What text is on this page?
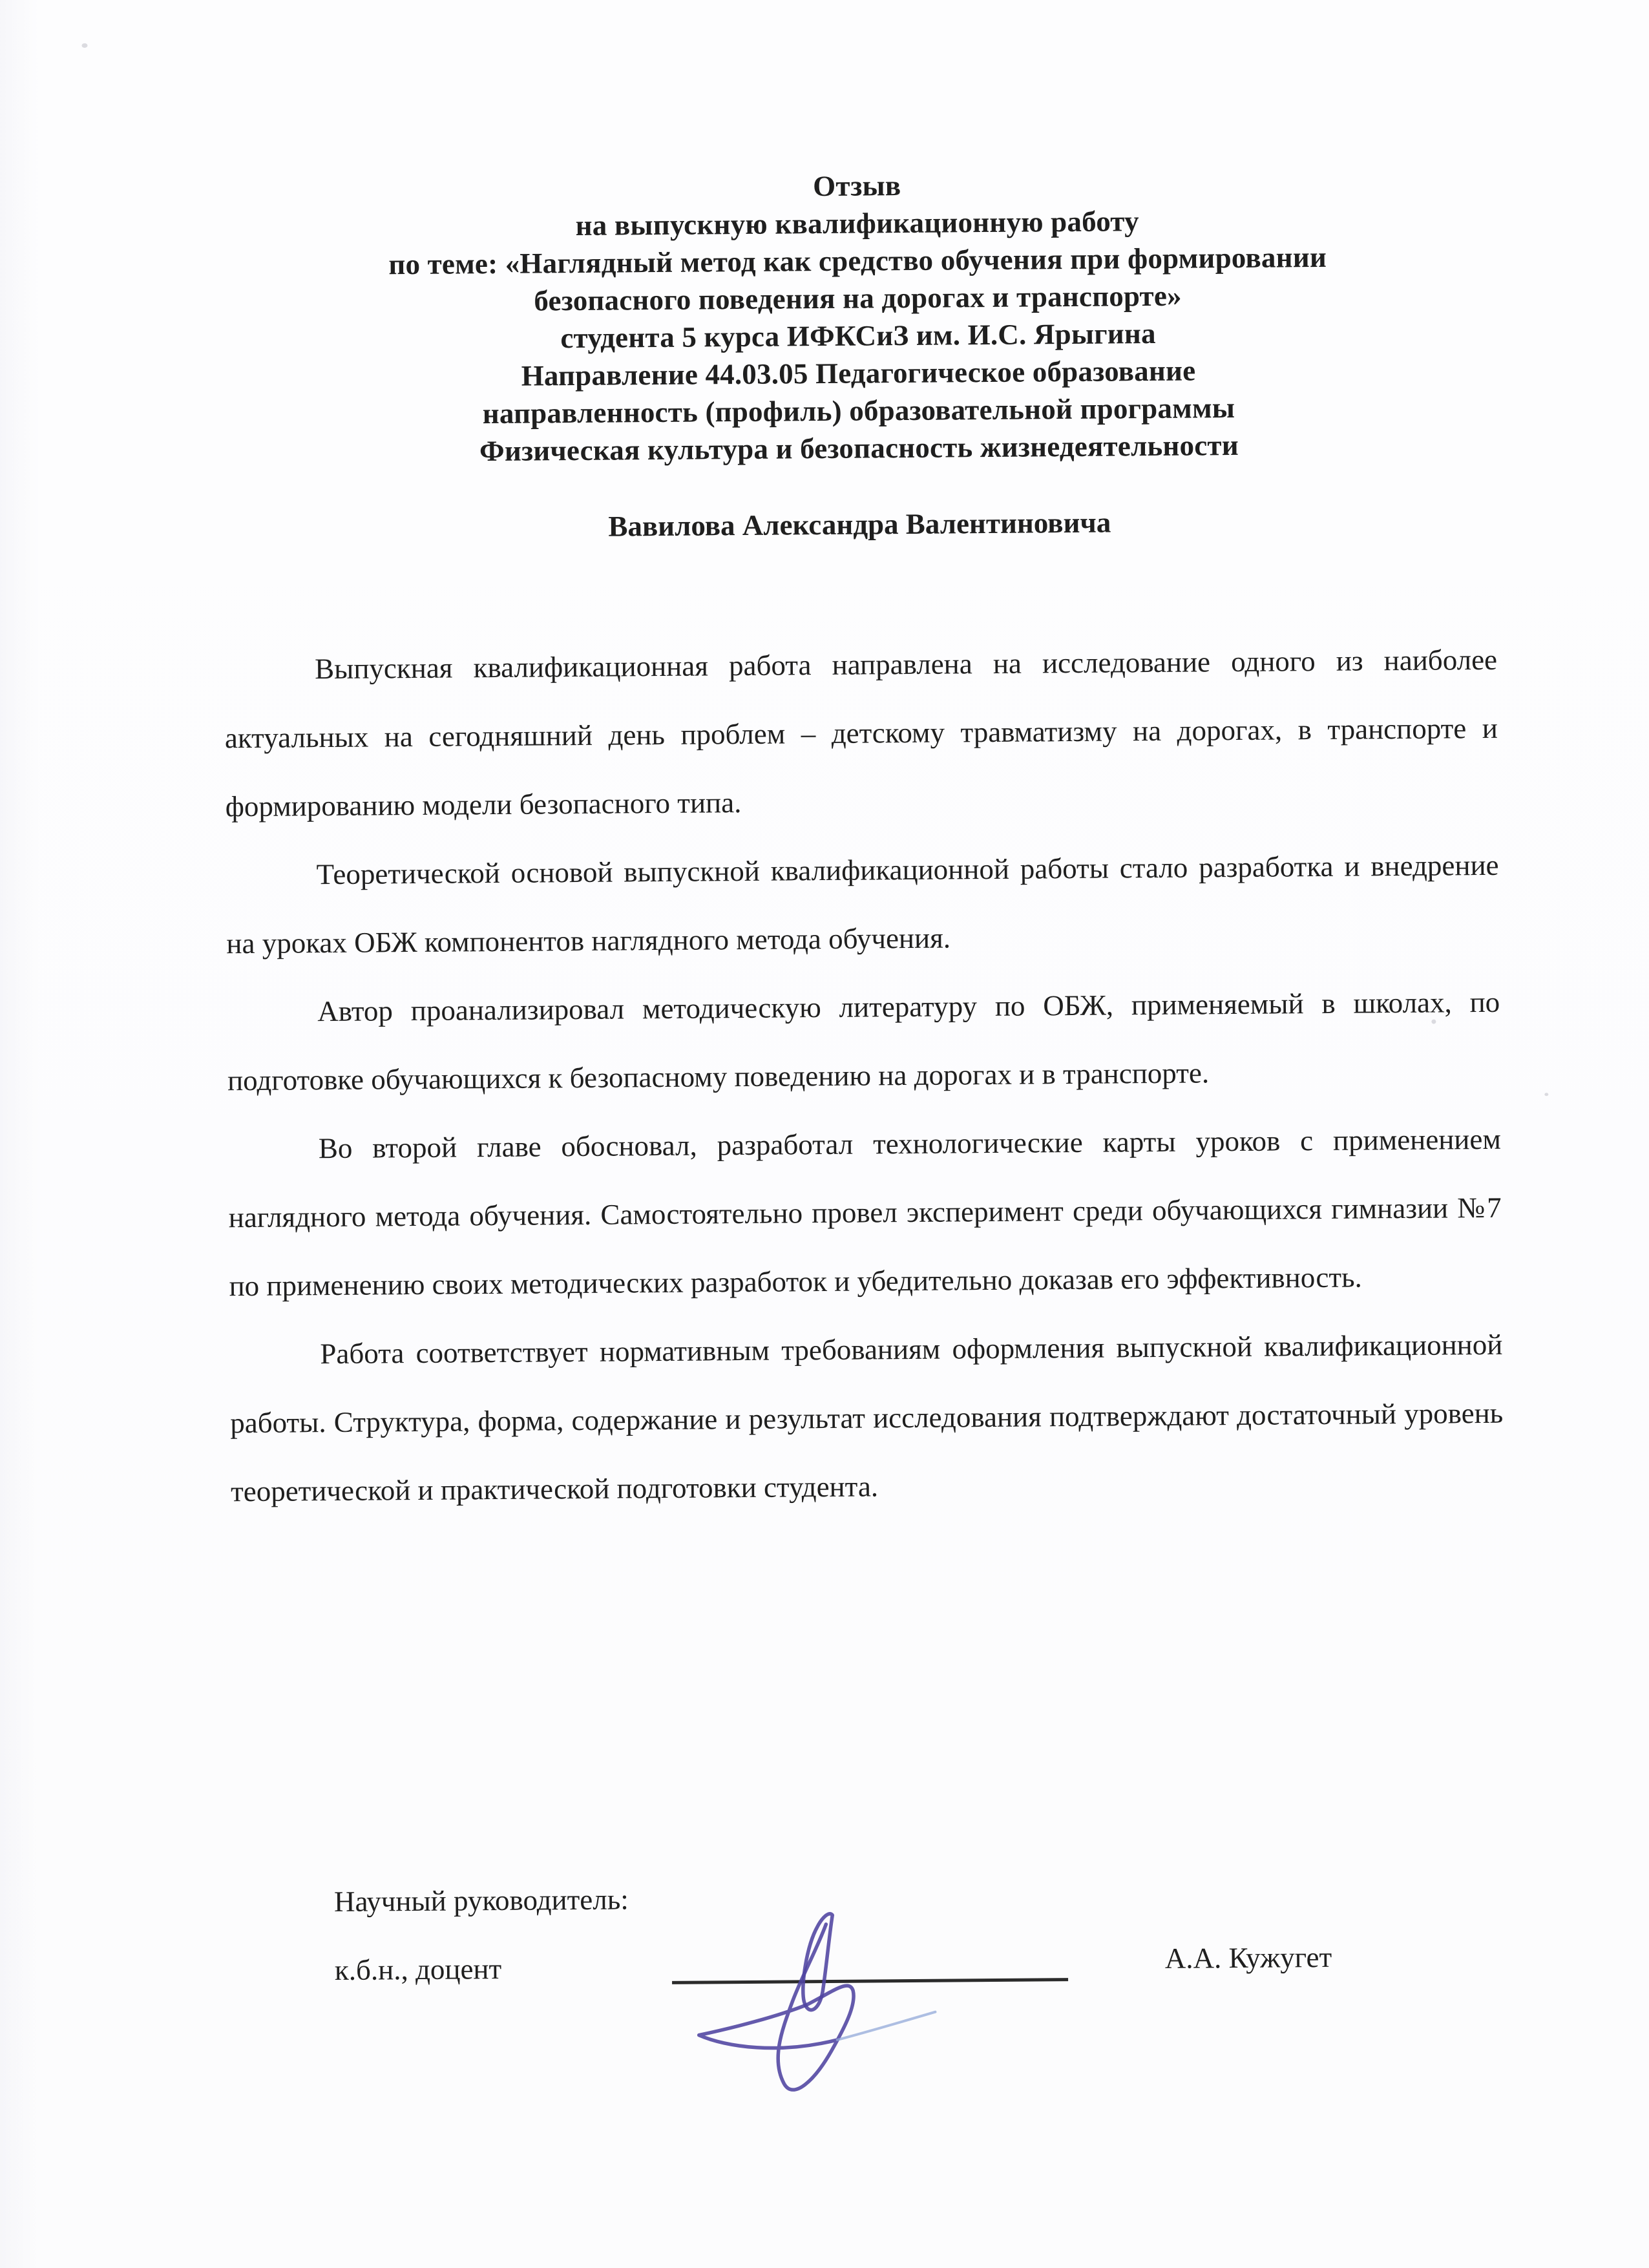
Отзыв
на выпускную квалификационную работу
по теме: «Наглядный метод как средство обучения при формировании
безопасного поведения на дорогах и транспорте»
студента 5 курса ИФКСиЗ им. И.С. Ярыгина
Направление 44.03.05 Педагогическое образование
направленность (профиль) образовательной программы
Физическая культура и безопасность жизнедеятельности
Вавилова Александра Валентиновича

Выпускная квалификационная работа направлена на исследование одного из наиболее актуальных на сегодняшний день проблем – детскому травматизму на дорогах, в транспорте и формированию модели безопасного типа.

Теоретической основой выпускной квалификационной работы стало разработка и внедрение на уроках ОБЖ компонентов наглядного метода обучения.

Автор проанализировал методическую литературу по ОБЖ, применяемый в школах, по подготовке обучающихся к безопасному поведению на дорогах и в транспорте.

Во второй главе обосновал, разработал технологические карты уроков с применением наглядного метода обучения. Самостоятельно провел эксперимент среди обучающихся гимназии №7 по применению своих методических разработок и убедительно доказав его эффективность.

Работа соответствует нормативным требованиям оформления выпускной квалификационной работы. Структура, форма, содержание и результат исследования подтверждают достаточный уровень теоретической и практической подготовки студента.

Научный руководитель:
к.б.н., доцент	А.А. Кужугет
